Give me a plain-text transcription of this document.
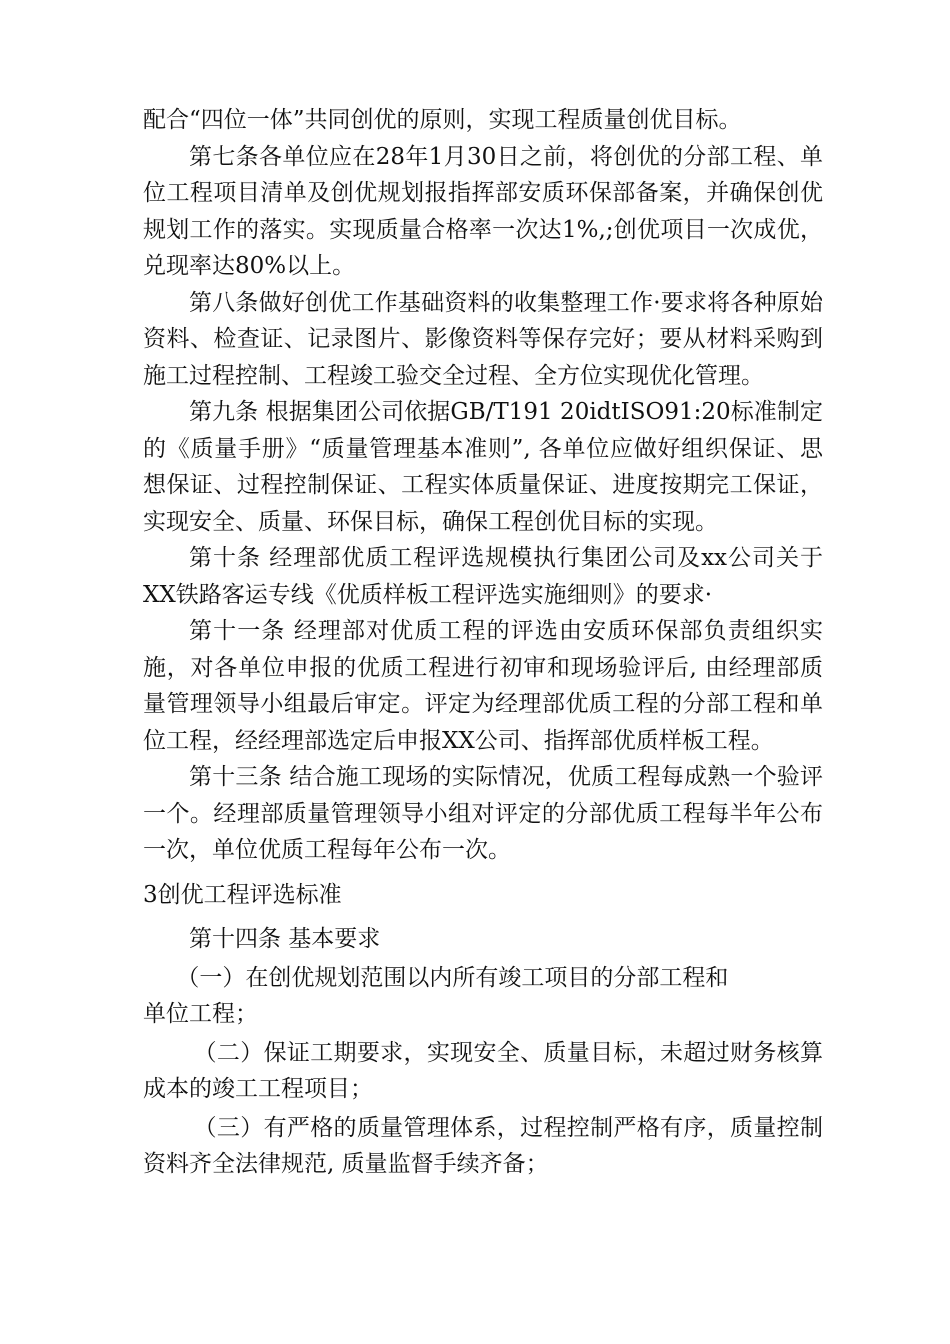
配合“四位一体”共同创优的原则，实现工程质量创优目标。

第七条各单位应在28年1月30日之前，将创优的分部工程、单位工程项目清单及创优规划报指挥部安质环保部备案，并确保创优规划工作的落实。实现质量合格率一次达1%,;创优项目一次成优，兑现率达80%以上。

第八条做好创优工作基础资料的收集整理工作·要求将各种原始资料、检查证、记录图片、影像资料等保存完好；要从材料采购到施工过程控制、工程竣工验交全过程、全方位实现优化管理。

第九条 根据集团公司依据GB/T191 20idtISO91:20标准制定的《质量手册》“质量管理基本准则”, 各单位应做好组织保证、思想保证、过程控制保证、工程实体质量保证、进度按期完工保证，实现安全、质量、环保目标，确保工程创优目标的实现。

第十条 经理部优质工程评选规模执行集团公司及xx公司关于XX铁路客运专线《优质样板工程评选实施细则》的要求·

第十一条 经理部对优质工程的评选由安质环保部负责组织实施，对各单位申报的优质工程进行初审和现场验评后, 由经理部质量管理领导小组最后审定。评定为经理部优质工程的分部工程和单位工程，经经理部选定后申报XX公司、指挥部优质样板工程。

第十三条 结合施工现场的实际情况，优质工程每成熟一个验评一个。经理部质量管理领导小组对评定的分部优质工程每半年公布一次，单位优质工程每年公布一次。

3创优工程评选标准

第十四条 基本要求

（一）在创优规划范围以内所有竣工项目的分部工程和

单位工程；

（二）保证工期要求，实现安全、质量目标，未超过财务核算成本的竣工工程项目；

（三）有严格的质量管理体系，过程控制严格有序，质量控制资料齐全法律规范, 质量监督手续齐备；
